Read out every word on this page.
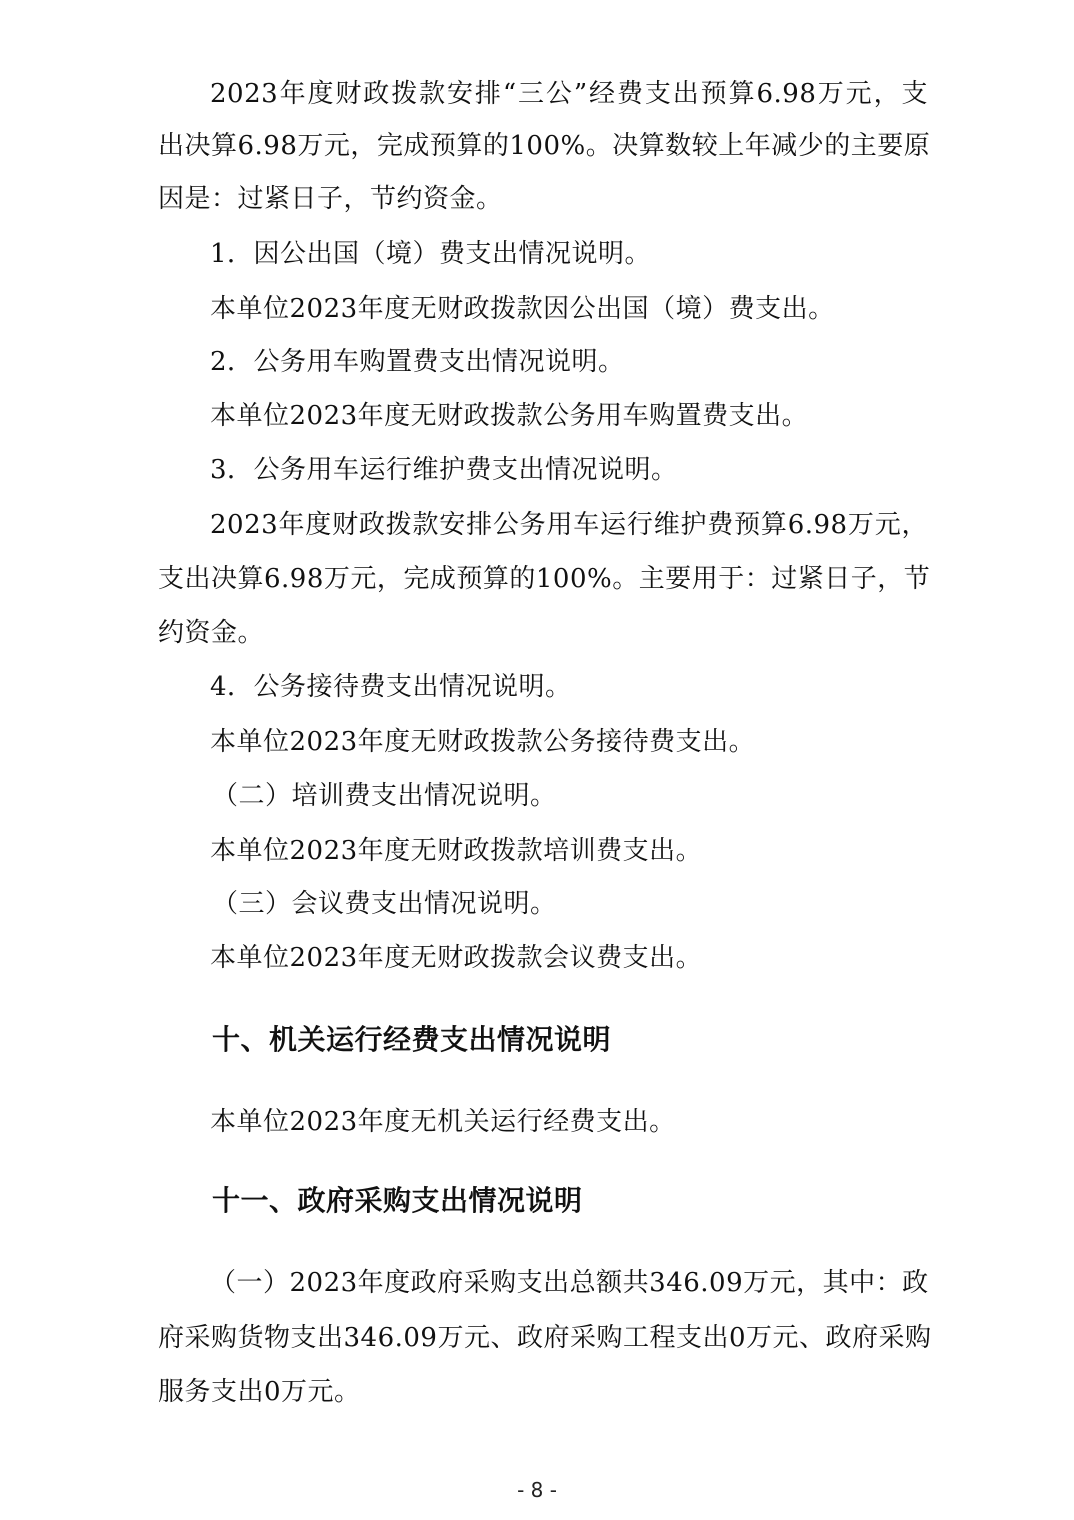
2023年度财政拨款安排“三公”经费支出预算6.98万元，支
出决算6.98万元，完成预算的100%。决算数较上年减少的主要原
因是：过紧日子，节约资金。
1．因公出国（境）费支出情况说明。
本单位2023年度无财政拨款因公出国（境）费支出。
2．公务用车购置费支出情况说明。
本单位2023年度无财政拨款公务用车购置费支出。
3．公务用车运行维护费支出情况说明。
2023年度财政拨款安排公务用车运行维护费预算6.98万元，
支出决算6.98万元，完成预算的100%。主要用于：过紧日子，节
约资金。
4．公务接待费支出情况说明。
本单位2023年度无财政拨款公务接待费支出。
（二）培训费支出情况说明。
本单位2023年度无财政拨款培训费支出。
（三）会议费支出情况说明。
本单位2023年度无财政拨款会议费支出。
十、机关运行经费支出情况说明
本单位2023年度无机关运行经费支出。
十一、政府采购支出情况说明
（一）2023年度政府采购支出总额共346.09万元，其中：政
府采购货物支出346.09万元、政府采购工程支出0万元、政府采购
服务支出0万元。
- 8 -
